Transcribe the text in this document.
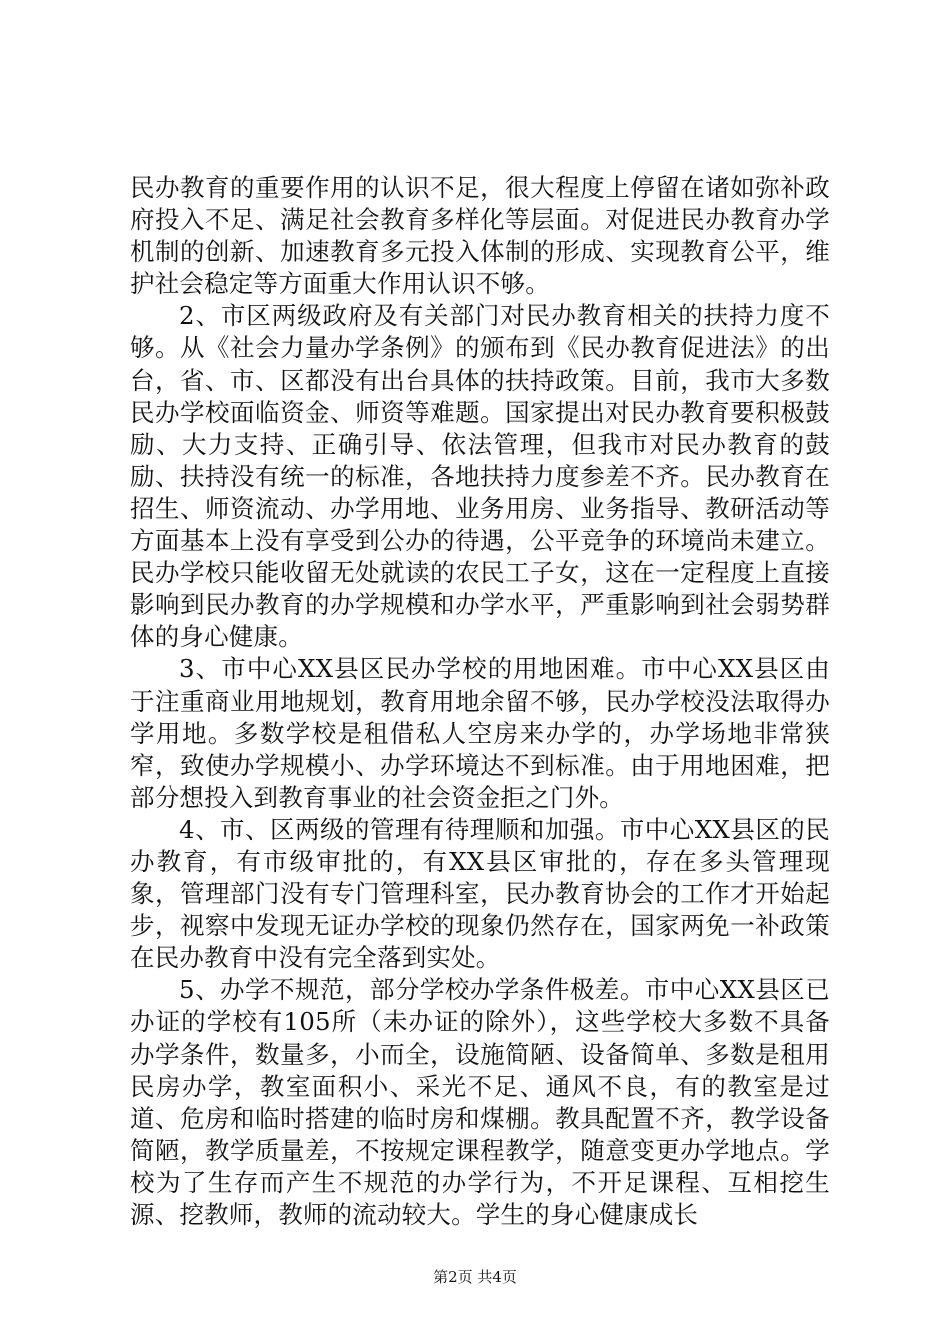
民办教育的重要作用的认识不足，很大程度上停留在诸如弥补政府投入不足、满足社会教育多样化等层面。对促进民办教育办学机制的创新、加速教育多元投入体制的形成、实现教育公平，维护社会稳定等方面重大作用认识不够。

2、市区两级政府及有关部门对民办教育相关的扶持力度不够。从《社会力量办学条例》的颁布到《民办教育促进法》的出台，省、市、区都没有出台具体的扶持政策。目前，我市大多数民办学校面临资金、师资等难题。国家提出对民办教育要积极鼓励、大力支持、正确引导、依法管理，但我市对民办教育的鼓励、扶持没有统一的标准，各地扶持力度参差不齐。民办教育在招生、师资流动、办学用地、业务用房、业务指导、教研活动等方面基本上没有享受到公办的待遇，公平竞争的环境尚未建立。民办学校只能收留无处就读的农民工子女，这在一定程度上直接影响到民办教育的办学规模和办学水平，严重影响到社会弱势群体的身心健康。

3、市中心XX县区民办学校的用地困难。市中心XX县区由于注重商业用地规划，教育用地余留不够，民办学校没法取得办学用地。多数学校是租借私人空房来办学的，办学场地非常狭窄，致使办学规模小、办学环境达不到标准。由于用地困难，把部分想投入到教育事业的社会资金拒之门外。

4、市、区两级的管理有待理顺和加强。市中心XX县区的民办教育，有市级审批的，有XX县区审批的，存在多头管理现象，管理部门没有专门管理科室，民办教育协会的工作才开始起步，视察中发现无证办学校的现象仍然存在，国家两免一补政策在民办教育中没有完全落到实处。

5、办学不规范，部分学校办学条件极差。市中心XX县区已办证的学校有105所（未办证的除外），这些学校大多数不具备办学条件，数量多，小而全，设施简陋、设备简单、多数是租用民房办学，教室面积小、采光不足、通风不良，有的教室是过道、危房和临时搭建的临时房和煤棚。教具配置不齐，教学设备简陋，教学质量差，不按规定课程教学，随意变更办学地点。学校为了生存而产生不规范的办学行为，不开足课程、互相挖生源、挖教师，教师的流动较大。学生的身心健康成长

第2页 共4页
